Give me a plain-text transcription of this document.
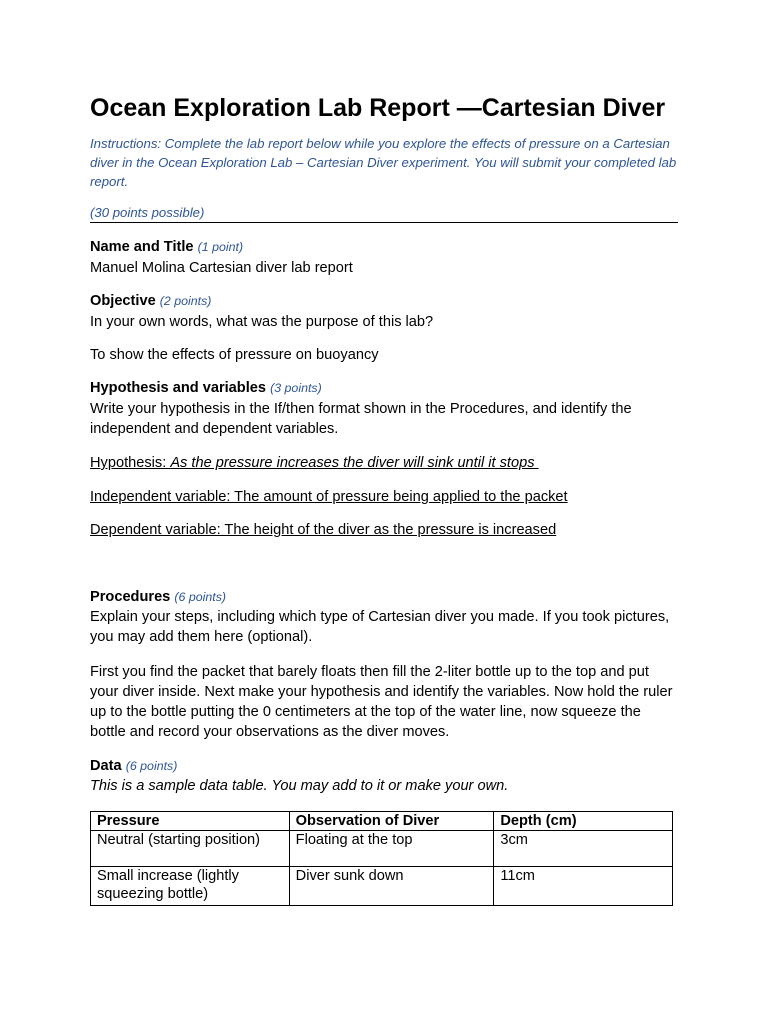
Ocean Exploration Lab Report —Cartesian Diver
Instructions: Complete the lab report below while you explore the effects of pressure on a Cartesian diver in the Ocean Exploration Lab – Cartesian Diver experiment. You will submit your completed lab report.
(30 points possible)
Name and Title (1 point)
Manuel Molina Cartesian diver lab report
Objective (2 points)
In your own words, what was the purpose of this lab?
To show the effects of pressure on buoyancy
Hypothesis and variables (3 points)
Write your hypothesis in the If/then format shown in the Procedures, and identify the independent and dependent variables.
Hypothesis: As the pressure increases the diver will sink until it stops
Independent variable: The amount of pressure being applied to the packet
Dependent variable: The height of the diver as the pressure is increased
Procedures (6 points)
Explain your steps, including which type of Cartesian diver you made. If you took pictures, you may add them here (optional).
First you find the packet that barely floats then fill the 2-liter bottle up to the top and put your diver inside. Next make your hypothesis and identify the variables. Now hold the ruler up to the bottle putting the 0 centimeters at the top of the water line, now squeeze the bottle and record your observations as the diver moves.
Data (6 points)
This is a sample data table. You may add to it or make your own.
Pressure	Observation of Diver	Depth (cm)
Neutral (starting position)	Floating at the top	3cm
Small increase (lightly squeezing bottle)	Diver sunk down	11cm
